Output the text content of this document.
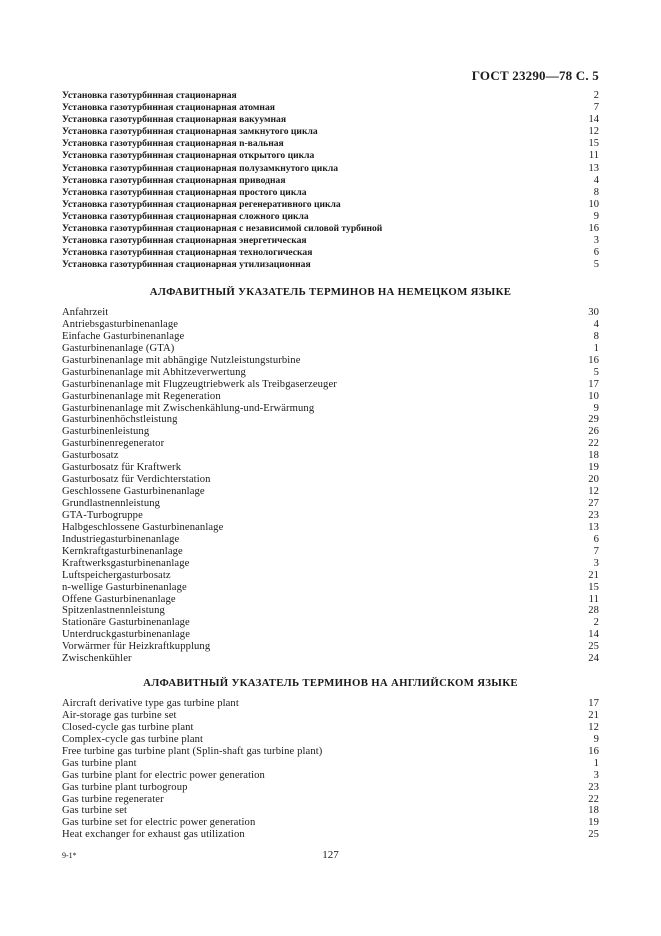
ГОСТ 23290—78 С. 5
Установка газотурбинная стационарная	2
Установка газотурбинная стационарная атомная	7
Установка газотурбинная стационарная вакуумная	14
Установка газотурбинная стационарная замкнутого цикла	12
Установка газотурбинная стационарная n-вальная	15
Установка газотурбинная стационарная открытого цикла	11
Установка газотурбинная стационарная полузамкнутого цикла	13
Установка газотурбинная стационарная приводная	4
Установка газотурбинная стационарная простого цикла	8
Установка газотурбинная стационарная регенеративного цикла	10
Установка газотурбинная стационарная сложного цикла	9
Установка газотурбинная стационарная с независимой силовой турбиной	16
Установка газотурбинная стационарная энергетическая	3
Установка газотурбинная стационарная технологическая	6
Установка газотурбинная стационарная утилизационная	5
АЛФАВИТНЫЙ УКАЗАТЕЛЬ ТЕРМИНОВ НА НЕМЕЦКОМ ЯЗЫКЕ
Anfahrzeit	30
Antriebsgasturbinenanlage	4
Einfache Gasturbinenanlage	8
Gasturbinenanlage (GTA)	1
Gasturbinenanlage mit abhängige Nutzleistungsturbine	16
Gasturbinenanlage mit Abhitzeverwertung	5
Gasturbinenanlage mit Flugzeugtriebwerk als Treibgaserzeuger	17
Gasturbinenanlage mit Regeneration	10
Gasturbinenanlage mit Zwischenkählung-und-Erwärmung	9
Gasturbinenhöchstleistung	29
Gasturbinenleistung	26
Gasturbinenregenerator	22
Gasturbosatz	18
Gasturbosatz für Kraftwerk	19
Gasturbosatz für Verdichterstation	20
Geschlossene Gasturbinenanlage	12
Grundlastnennleistung	27
GTA-Turbogruppe	23
Halbgeschlossene Gasturbinenanlage	13
Industriegasturbinenanlage	6
Kernkraftgasturbinenanlage	7
Kraftwerksgasturbinenanlage	3
Luftspeichergasturbosatz	21
n-wellige Gasturbinenanlage	15
Offene Gasturbinenanlage	11
Spitzenlastnennleistung	28
Stationäre Gasturbinenanlage	2
Unterdruckgasturbinenanlage	14
Vorwärmer für Heizkraftkupplung	25
Zwischenkühler	24
АЛФАВИТНЫЙ УКАЗАТЕЛЬ ТЕРМИНОВ НА АНГЛИЙСКОМ ЯЗЫКЕ
Aircraft derivative type gas turbine plant	17
Air-storage gas turbine set	21
Closed-cycle gas turbine plant	12
Complex-cycle gas turbine plant	9
Free turbine gas turbine plant (Splin-shaft gas turbine plant)	16
Gas turbine plant	1
Gas turbine plant for electric power generation	3
Gas turbine plant turbogroup	23
Gas turbine regenerater	22
Gas turbine set	18
Gas turbine set for electric power generation	19
Heat exchanger for exhaust gas utilization	25
9-1*	127
